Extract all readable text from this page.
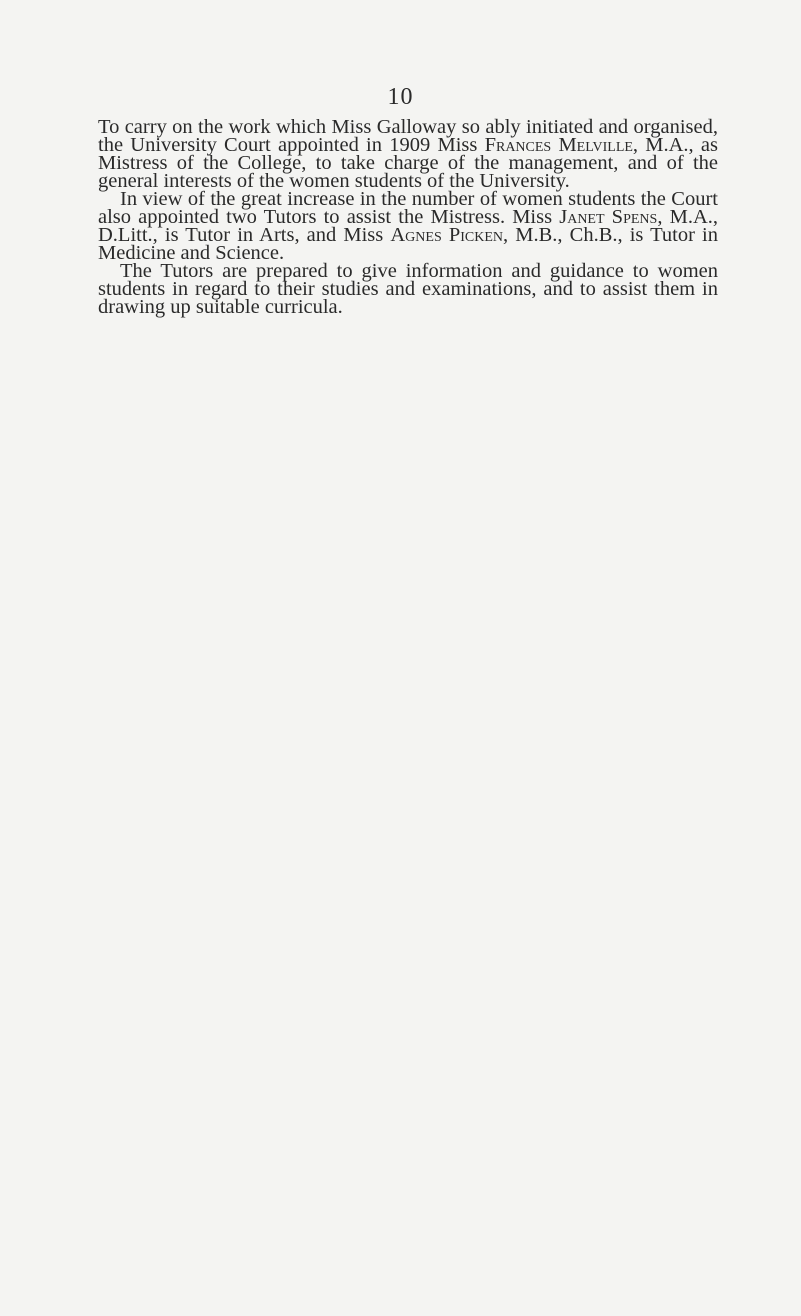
10

To carry on the work which Miss Galloway so ably initiated and organised, the University Court appointed in 1909 Miss Frances Melville, M.A., as Mistress of the College, to take charge of the management, and of the general interests of the women students of the University.

In view of the great increase in the number of women students the Court also appointed two Tutors to assist the Mistress. Miss Janet Spens, M.A., D.Litt., is Tutor in Arts, and Miss Agnes Picken, M.B., Ch.B., is Tutor in Medicine and Science.

The Tutors are prepared to give information and guidance to women students in regard to their studies and examinations, and to assist them in drawing up suitable curricula.
